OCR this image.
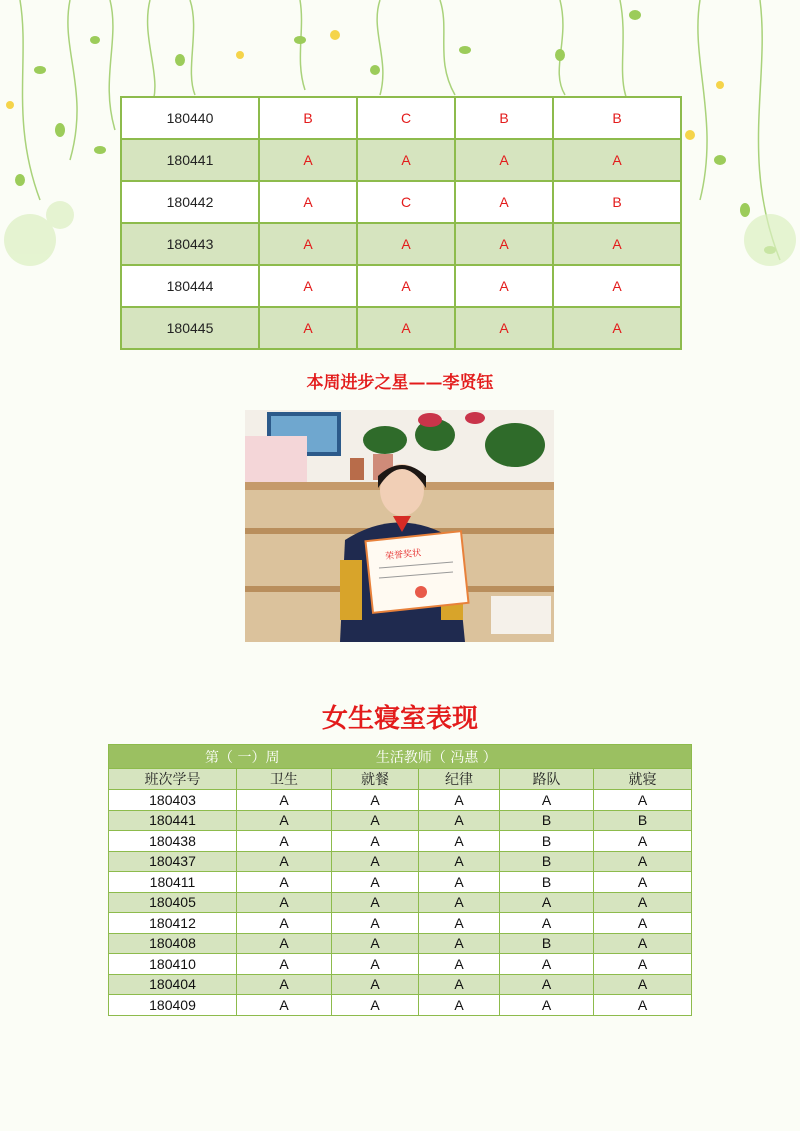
180440	B	C	B	B
180441	A	A	A	A
180442	A	C	A	B
180443	A	A	A	A
180444	A	A	A	A
180445	A	A	A	A
本周进步之星——李贤钰
荣誉奖状
女生寝室表现
第（ 一）周 生活教师（ 冯惠 ）					
班次学号	卫生	就餐	纪律	路队	就寝
180403	A	A	A	A	A
180441	A	A	A	B	B
180438	A	A	A	B	A
180437	A	A	A	B	A
180411	A	A	A	B	A
180405	A	A	A	A	A
180412	A	A	A	A	A
180408	A	A	A	B	A
180410	A	A	A	A	A
180404	A	A	A	A	A
180409	A	A	A	A	A
